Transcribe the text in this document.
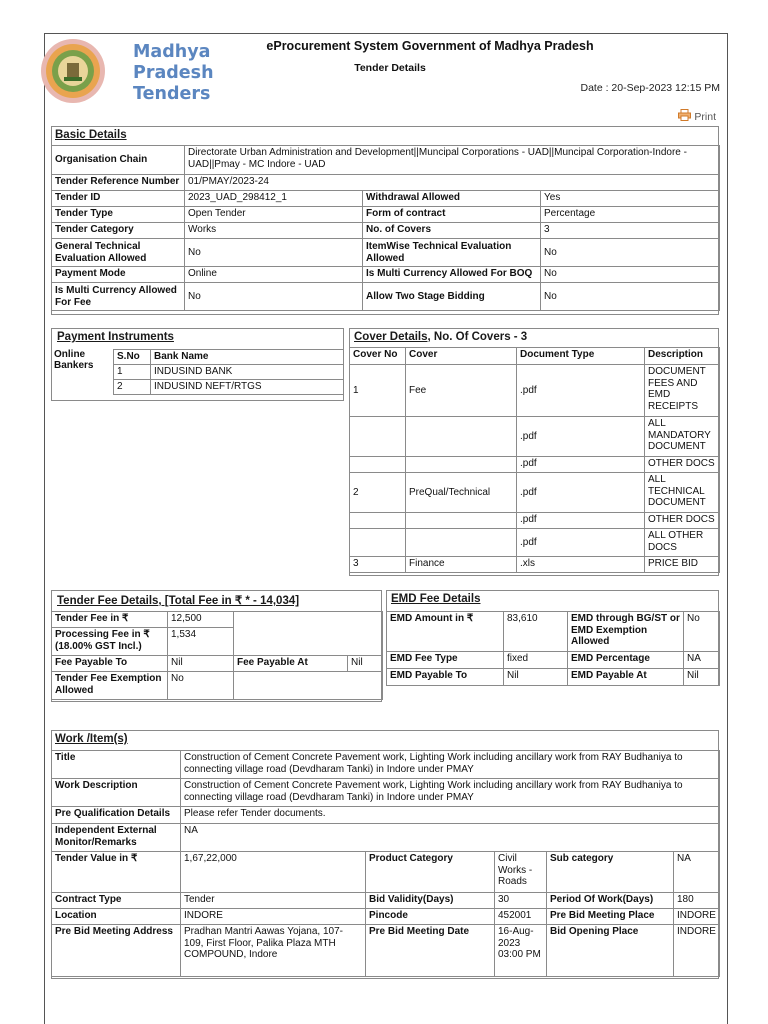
Madhya
Pradesh
Tenders
eProcurement System Government of Madhya Pradesh
Tender Details
Date : 20-Sep-2023 12:15 PM
Print
Basic Details
Organisation Chain	Directorate Urban Administration and Development||Muncipal Corporations - UAD||Muncipal Corporation-Indore - UAD||Pmay - MC Indore - UAD		
Tender Reference Number	01/PMAY/2023-24		
Tender ID	2023_UAD_298412_1	Withdrawal Allowed	Yes
Tender Type	Open Tender	Form of contract	Percentage
Tender Category	Works	No. of Covers	3
General Technical Evaluation Allowed	No	ItemWise Technical Evaluation Allowed	No
Payment Mode	Online	Is Multi Currency Allowed For BOQ	No
Is Multi Currency Allowed For Fee	No	Allow Two Stage Bidding	No
Payment Instruments
Online Bankers
S.No	Bank Name
1	INDUSIND BANK
2	INDUSIND NEFT/RTGS
Cover Details, No. Of Covers - 3
Cover No	Cover	Document Type	Description
1	Fee	.pdf	DOCUMENT FEES AND EMD RECEIPTS
		.pdf	ALL MANDATORY DOCUMENT
		.pdf	OTHER DOCS
2	PreQual/Technical	.pdf	ALL TECHNICAL DOCUMENT
		.pdf	OTHER DOCS
		.pdf	ALL OTHER DOCS
3	Finance	.xls	PRICE BID
Tender Fee Details, [Total Fee in ₹ * - 14,034]
Tender Fee in ₹	12,500		
Processing Fee in ₹ (18.00% GST Incl.)	1,534		
Fee Payable To	Nil	Fee Payable At	Nil
Tender Fee Exemption Allowed	No		
EMD Fee Details
EMD Amount in ₹	83,610	EMD through BG/ST or EMD Exemption Allowed	No
EMD Fee Type	fixed	EMD Percentage	NA
EMD Payable To	Nil	EMD Payable At	Nil
Work /Item(s)
Title	Construction of Cement Concrete Pavement work, Lighting Work including ancillary work from RAY Budhaniya to connecting village road (Devdharam Tanki) in Indore under PMAY				
Work Description	Construction of Cement Concrete Pavement work, Lighting Work including ancillary work from RAY Budhaniya to connecting village road (Devdharam Tanki) in Indore under PMAY				
Pre Qualification Details	Please refer Tender documents.				
Independent External Monitor/Remarks	NA				
Tender Value in ₹	1,67,22,000	Product Category	Civil Works - Roads	Sub category	NA
Contract Type	Tender	Bid Validity(Days)	30	Period Of Work(Days)	180
Location	INDORE	Pincode	452001	Pre Bid Meeting Place	INDORE
Pre Bid Meeting Address	Pradhan Mantri Aawas Yojana, 107-109, First Floor, Palika Plaza MTH COMPOUND, Indore	Pre Bid Meeting Date	16-Aug-2023 03:00 PM	Bid Opening Place	INDORE
